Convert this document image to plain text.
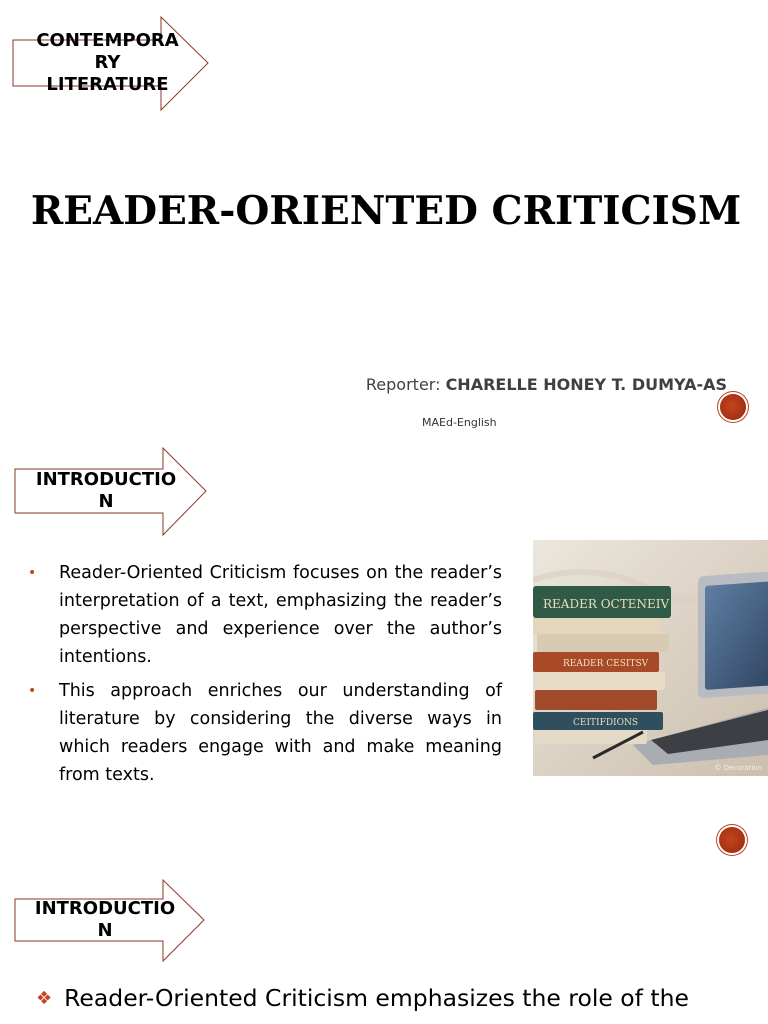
CONTEMPORA
RY
LITERATURE
READER-ORIENTED CRITICISM
Reporter: CHARELLE HONEY T. DUMYA-AS
MAEd-English
INTRODUCTIO
N
• Reader-Oriented Criticism focuses on the reader’s interpretation of a text, emphasizing the reader’s perspective and experience over the author’s intentions.
• This approach enriches our understanding of literature by considering the diverse ways in which readers engage with and make meaning from texts.
CEITIFDIONS
READER CESITSV
READER OCTENEIV
© Decoration
INTRODUCTIO
N
❖ Reader-Oriented Criticism emphasizes the role of the
